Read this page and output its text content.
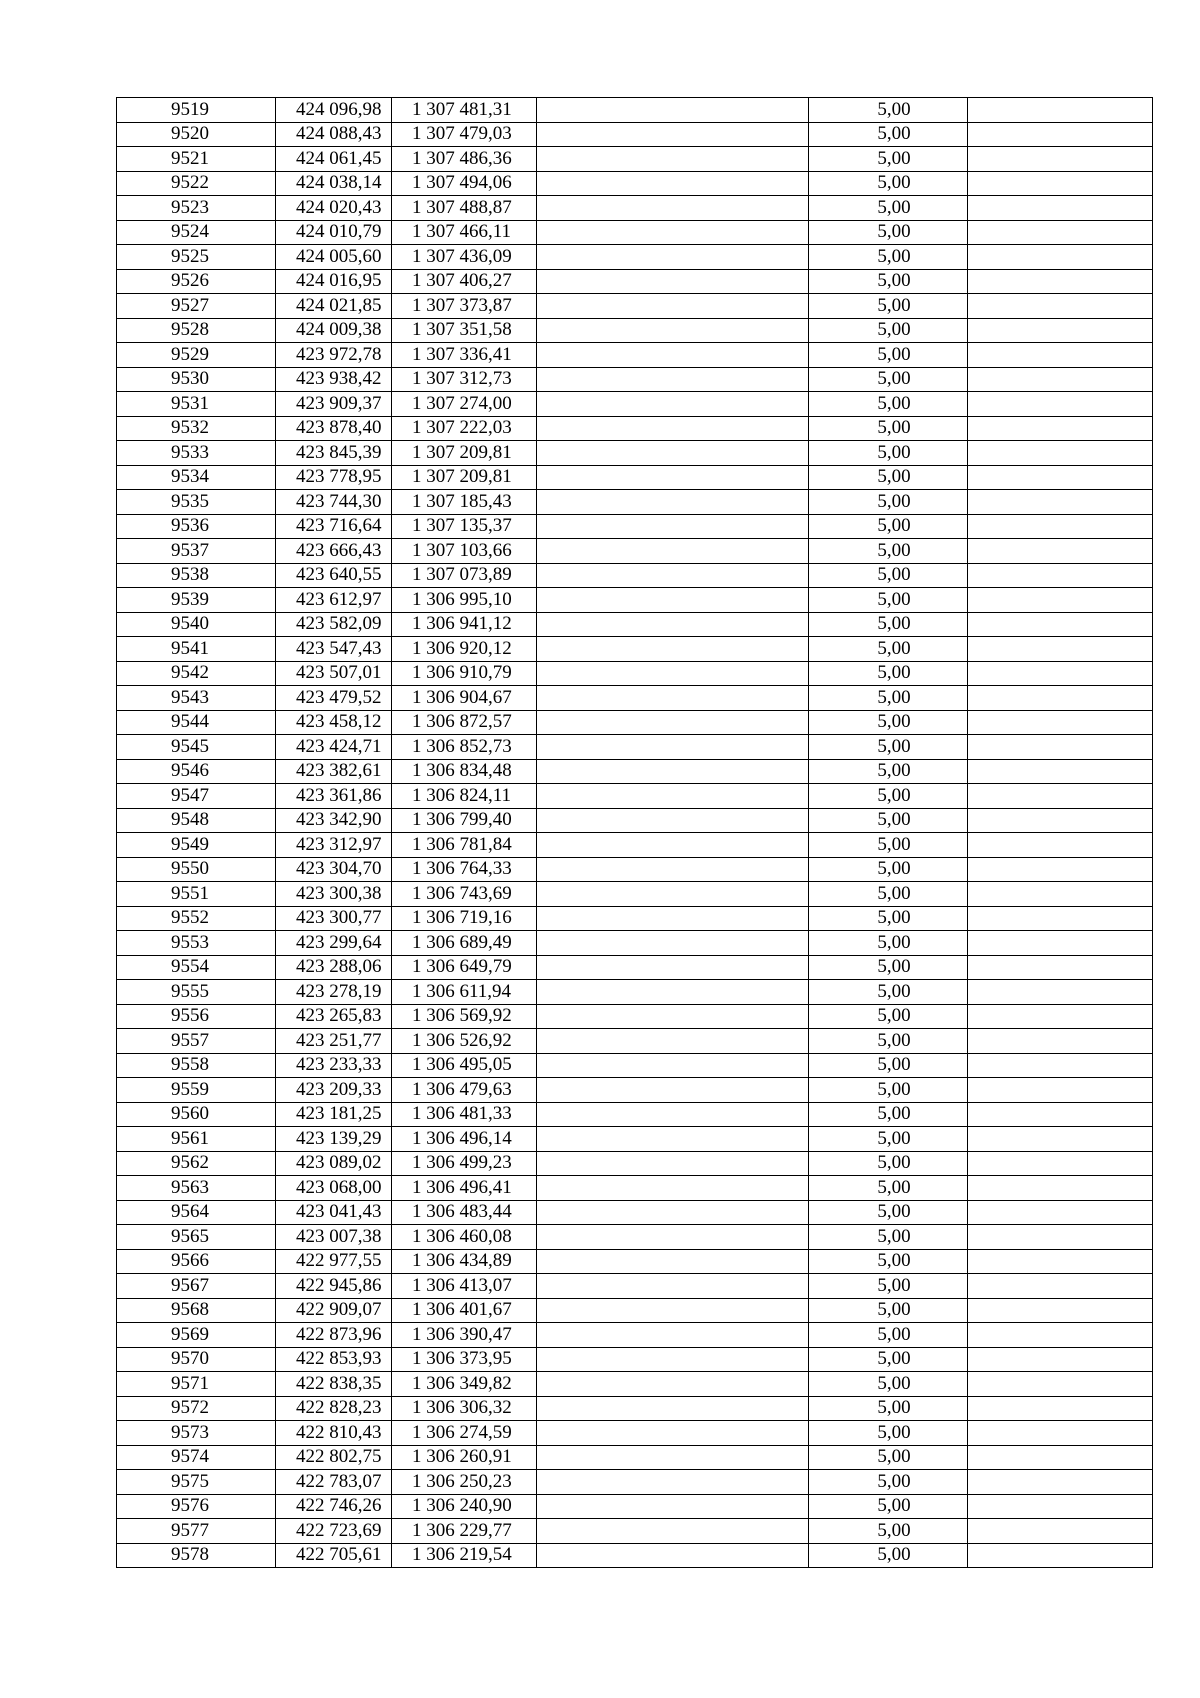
9519	424 096,98	1 307 481,31		5,00	
9520	424 088,43	1 307 479,03		5,00	
9521	424 061,45	1 307 486,36		5,00	
9522	424 038,14	1 307 494,06		5,00	
9523	424 020,43	1 307 488,87		5,00	
9524	424 010,79	1 307 466,11		5,00	
9525	424 005,60	1 307 436,09		5,00	
9526	424 016,95	1 307 406,27		5,00	
9527	424 021,85	1 307 373,87		5,00	
9528	424 009,38	1 307 351,58		5,00	
9529	423 972,78	1 307 336,41		5,00	
9530	423 938,42	1 307 312,73		5,00	
9531	423 909,37	1 307 274,00		5,00	
9532	423 878,40	1 307 222,03		5,00	
9533	423 845,39	1 307 209,81		5,00	
9534	423 778,95	1 307 209,81		5,00	
9535	423 744,30	1 307 185,43		5,00	
9536	423 716,64	1 307 135,37		5,00	
9537	423 666,43	1 307 103,66		5,00	
9538	423 640,55	1 307 073,89		5,00	
9539	423 612,97	1 306 995,10		5,00	
9540	423 582,09	1 306 941,12		5,00	
9541	423 547,43	1 306 920,12		5,00	
9542	423 507,01	1 306 910,79		5,00	
9543	423 479,52	1 306 904,67		5,00	
9544	423 458,12	1 306 872,57		5,00	
9545	423 424,71	1 306 852,73		5,00	
9546	423 382,61	1 306 834,48		5,00	
9547	423 361,86	1 306 824,11		5,00	
9548	423 342,90	1 306 799,40		5,00	
9549	423 312,97	1 306 781,84		5,00	
9550	423 304,70	1 306 764,33		5,00	
9551	423 300,38	1 306 743,69		5,00	
9552	423 300,77	1 306 719,16		5,00	
9553	423 299,64	1 306 689,49		5,00	
9554	423 288,06	1 306 649,79		5,00	
9555	423 278,19	1 306 611,94		5,00	
9556	423 265,83	1 306 569,92		5,00	
9557	423 251,77	1 306 526,92		5,00	
9558	423 233,33	1 306 495,05		5,00	
9559	423 209,33	1 306 479,63		5,00	
9560	423 181,25	1 306 481,33		5,00	
9561	423 139,29	1 306 496,14		5,00	
9562	423 089,02	1 306 499,23		5,00	
9563	423 068,00	1 306 496,41		5,00	
9564	423 041,43	1 306 483,44		5,00	
9565	423 007,38	1 306 460,08		5,00	
9566	422 977,55	1 306 434,89		5,00	
9567	422 945,86	1 306 413,07		5,00	
9568	422 909,07	1 306 401,67		5,00	
9569	422 873,96	1 306 390,47		5,00	
9570	422 853,93	1 306 373,95		5,00	
9571	422 838,35	1 306 349,82		5,00	
9572	422 828,23	1 306 306,32		5,00	
9573	422 810,43	1 306 274,59		5,00	
9574	422 802,75	1 306 260,91		5,00	
9575	422 783,07	1 306 250,23		5,00	
9576	422 746,26	1 306 240,90		5,00	
9577	422 723,69	1 306 229,77		5,00	
9578	422 705,61	1 306 219,54		5,00	
